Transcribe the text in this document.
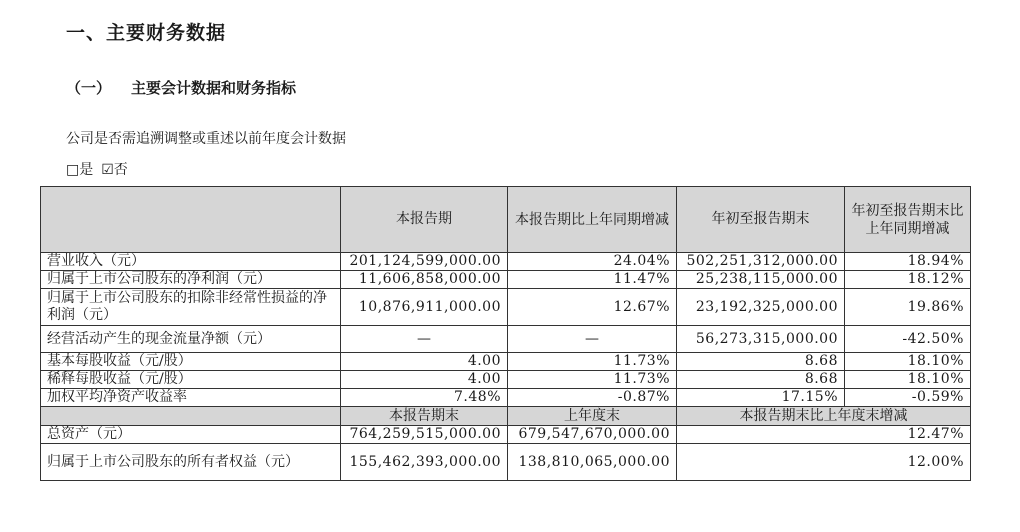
一、主要财务数据
（一） 主要会计数据和财务指标
公司是否需追溯调整或重述以前年度会计数据
□是 ☑否
	本报告期	本报告期比上年同期增减	年初至报告期末	年初至报告期末比上年同期增减
营业收入（元）	201,124,599,000.00	24.04%	502,251,312,000.00	18.94%
归属于上市公司股东的净利润（元）	11,606,858,000.00	11.47%	25,238,115,000.00	18.12%
归属于上市公司股东的扣除非经常性损益的净利润（元）	10,876,911,000.00	12.67%	23,192,325,000.00	19.86%
经营活动产生的现金流量净额（元）	—	—	56,273,315,000.00	-42.50%
基本每股收益（元/股）	4.00	11.73%	8.68	18.10%
稀释每股收益（元/股）	4.00	11.73%	8.68	18.10%
加权平均净资产收益率	7.48%	-0.87%	17.15%	-0.59%
	本报告期末	上年度末	本报告期末比上年度末增减	
总资产（元）	764,259,515,000.00	679,547,670,000.00	12.47%	
归属于上市公司股东的所有者权益（元）	155,462,393,000.00	138,810,065,000.00	12.00%	
